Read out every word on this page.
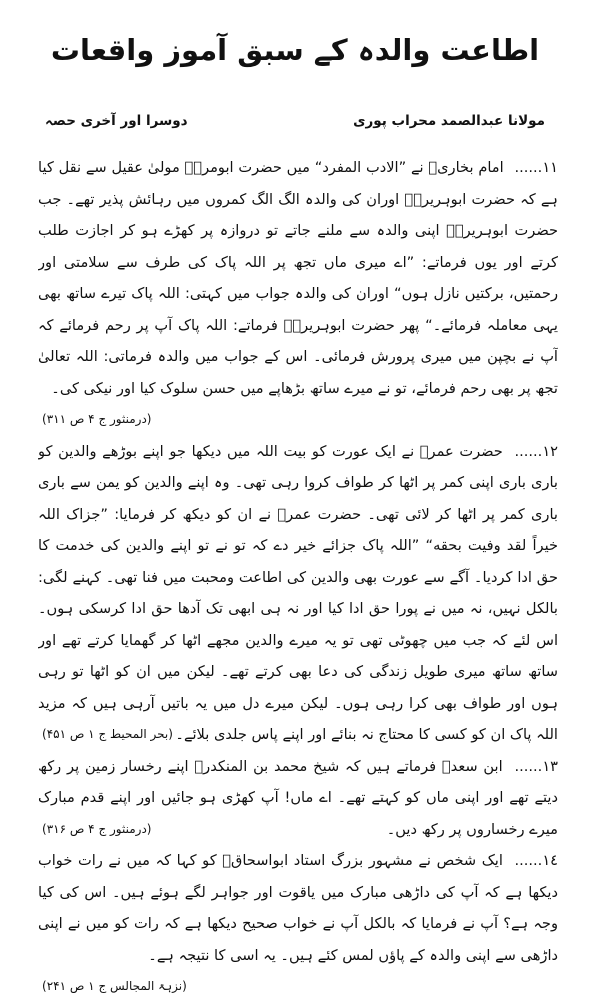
اطاعت والدہ کے سبق آموز واقعات
مولانا عبدالصمد محراب پوری
دوسرا اور آخری حصہ

١١...... امام بخاریؒ نے ”الادب المفرد“ میں حضرت ابومرۃؒ مولیٰ عقیل سے نقل کیا ہے کہ حضرت ابوہریرہؓ اوران کی والدہ الگ الگ کمروں میں رہائش پذیر تھے۔ جب حضرت ابوہریرہؓ اپنی والدہ سے ملنے جاتے تو دروازہ پر کھڑے ہو کر اجازت طلب کرتے اور یوں فرماتے: ”اے میری ماں تجھ پر اللہ پاک کی طرف سے سلامتی اور رحمتیں، برکتیں نازل ہوں“ اوران کی والدہ جواب میں کہتی: اللہ پاک تیرے ساتھ بھی یہی معاملہ فرمائے۔“ پھر حضرت ابوہریرہؓ فرماتے: اللہ پاک آپ پر رحم فرمائے کہ آپ نے بچپن میں میری پرورش فرمائی۔ اس کے جواب میں والدہ فرماتی: اللہ تعالیٰ تجھ پر بھی رحم فرمائے، تو نے میرے ساتھ بڑھاپے میں حسن سلوک کیا اور نیکی کی۔
(درمنثور ج ۴ ص ۳۱۱)

١٢...... حضرت عمرؓ نے ایک عورت کو بیت اللہ میں دیکھا جو اپنے بوڑھے والدین کو باری باری اپنی کمر پر اٹھا کر طواف کروا رہی تھی۔ وہ اپنے والدین کو یمن سے باری باری کمر پر اٹھا کر لائی تھی۔ حضرت عمرؓ نے ان کو دیکھ کر فرمایا: ”جزاک اللہ خیراً لقد وفیت بحقه“ ”اللہ پاک جزائے خیر دے کہ تو نے تو اپنے والدین کی خدمت کا حق ادا کردیا۔ آگے سے عورت بھی والدین کی اطاعت ومحبت میں فنا تھی۔ کہنے لگی: بالکل نہیں، نہ میں نے پورا حق ادا کیا اور نہ ہی ابھی تک آدھا حق ادا کرسکی ہوں۔ اس لئے کہ جب میں چھوٹی تھی تو یہ میرے والدین مجھے اٹھا کر گھمایا کرتے تھے اور ساتھ ساتھ میری طویل زندگی کی دعا بھی کرتے تھے۔ لیکن میں ان کو اٹھا تو رہی ہوں اور طواف بھی کرا رہی ہوں۔ لیکن میرے دل میں یہ باتیں آرہی ہیں کہ مزید اللہ پاک ان کو کسی کا محتاج نہ بنائے اور اپنے پاس جلدی بلائے۔
(بحر المحیط ج ۱ ص ۴۵۱)

١٣...... ابن سعدؒ فرماتے ہیں کہ شیخ محمد بن المنکدرؒ اپنے رخسار زمین پر رکھ دیتے تھے اور اپنی ماں کو کہتے تھے۔ اے ماں! آپ کھڑی ہو جائیں اور اپنے قدم مبارک میرے رخساروں پر رکھ دیں۔
(درمنثور ج ۴ ص ۳۱۶)

١٤...... ایک شخص نے مشہور بزرگ استاد ابواسحاقؒ کو کہا کہ میں نے رات خواب دیکھا ہے کہ آپ کی داڑھی مبارک میں یاقوت اور جواہر لگے ہوئے ہیں۔ اس کی کیا وجہ ہے؟ آپ نے فرمایا کہ بالکل آپ نے خواب صحیح دیکھا ہے کہ رات کو میں نے اپنی داڑھی سے اپنی والدہ کے پاؤں لمس کئے ہیں۔ یہ اسی کا نتیجہ ہے۔
(نزہۃ المجالس ج ۱ ص ۲۴۱)
